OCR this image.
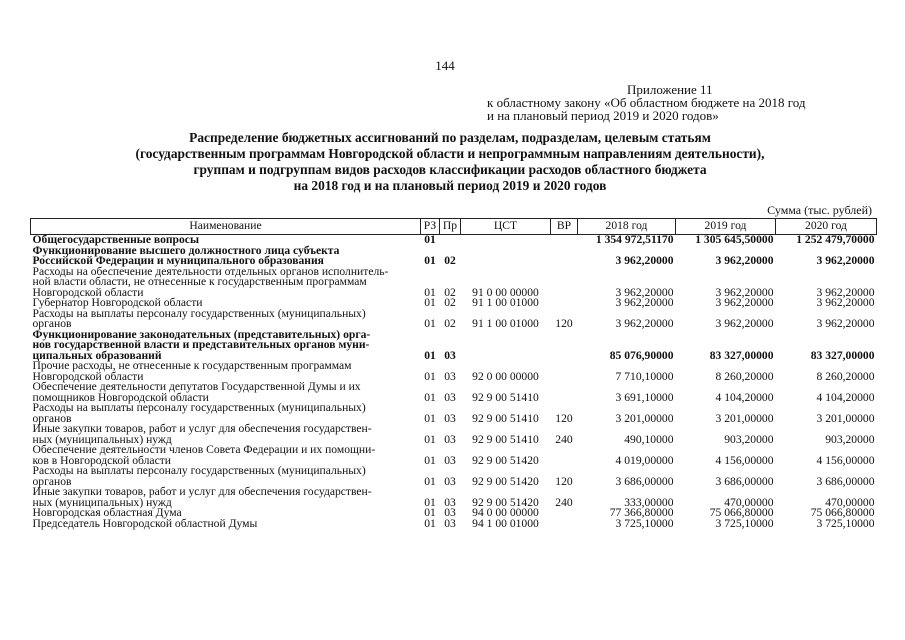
144
Приложение 11
к областному закону «Об областном бюджете на 2018 год
и на плановый период 2019 и 2020 годов»
Распределение бюджетных ассигнований по разделам, подразделам, целевым статьям
(государственным программам Новгородской области и непрограммным направлениям деятельности),
группам и подгруппам видов расходов классификации расходов областного бюджета
на 2018 год и на плановый период 2019 и 2020 годов
Сумма (тыс. рублей)
Наименование	РЗ	Пр	ЦСТ	ВР	2018 год	2019 год	2020 год
Общегосударственные вопросы	01				1 354 972,51170	1 305 645,50000	1 252 479,70000
Функционирование высшего должностного лица субъекта
Российской Федерации и муниципального образования	01	02			3 962,20000	3 962,20000	3 962,20000
Расходы на обеспечение деятельности отдельных органов исполнитель-
ной власти области, не отнесенные к государственным программам
Новгородской области	01	02	91 0 00 00000		3 962,20000	3 962,20000	3 962,20000
Губернатор Новгородской области	01	02	91 1 00 01000		3 962,20000	3 962,20000	3 962,20000
Расходы на выплаты персоналу государственных (муниципальных)
органов	01	02	91 1 00 01000	120	3 962,20000	3 962,20000	3 962,20000
Функционирование законодательных (представительных) орга-
нов государственной власти и представительных органов муни-
ципальных образований	01	03			85 076,90000	83 327,00000	83 327,00000
Прочие расходы, не отнесенные к государственным программам
Новгородской области	01	03	92 0 00 00000		7 710,10000	8 260,20000	8 260,20000
Обеспечение деятельности депутатов Государственной Думы и их
помощников Новгородской области	01	03	92 9 00 51410		3 691,10000	4 104,20000	4 104,20000
Расходы на выплаты персоналу государственных (муниципальных)
органов	01	03	92 9 00 51410	120	3 201,00000	3 201,00000	3 201,00000
Иные закупки товаров, работ и услуг для обеспечения государствен-
ных (муниципальных) нужд	01	03	92 9 00 51410	240	490,10000	903,20000	903,20000
Обеспечение деятельности членов Совета Федерации и их помощни-
ков в Новгородской области	01	03	92 9 00 51420		4 019,00000	4 156,00000	4 156,00000
Расходы на выплаты персоналу государственных (муниципальных)
органов	01	03	92 9 00 51420	120	3 686,00000	3 686,00000	3 686,00000
Иные закупки товаров, работ и услуг для обеспечения государствен-
ных (муниципальных) нужд	01	03	92 9 00 51420	240	333,00000	470,00000	470,00000
Новгородская областная Дума	01	03	94 0 00 00000		77 366,80000	75 066,80000	75 066,80000
Председатель Новгородской областной Думы	01	03	94 1 00 01000		3 725,10000	3 725,10000	3 725,10000
